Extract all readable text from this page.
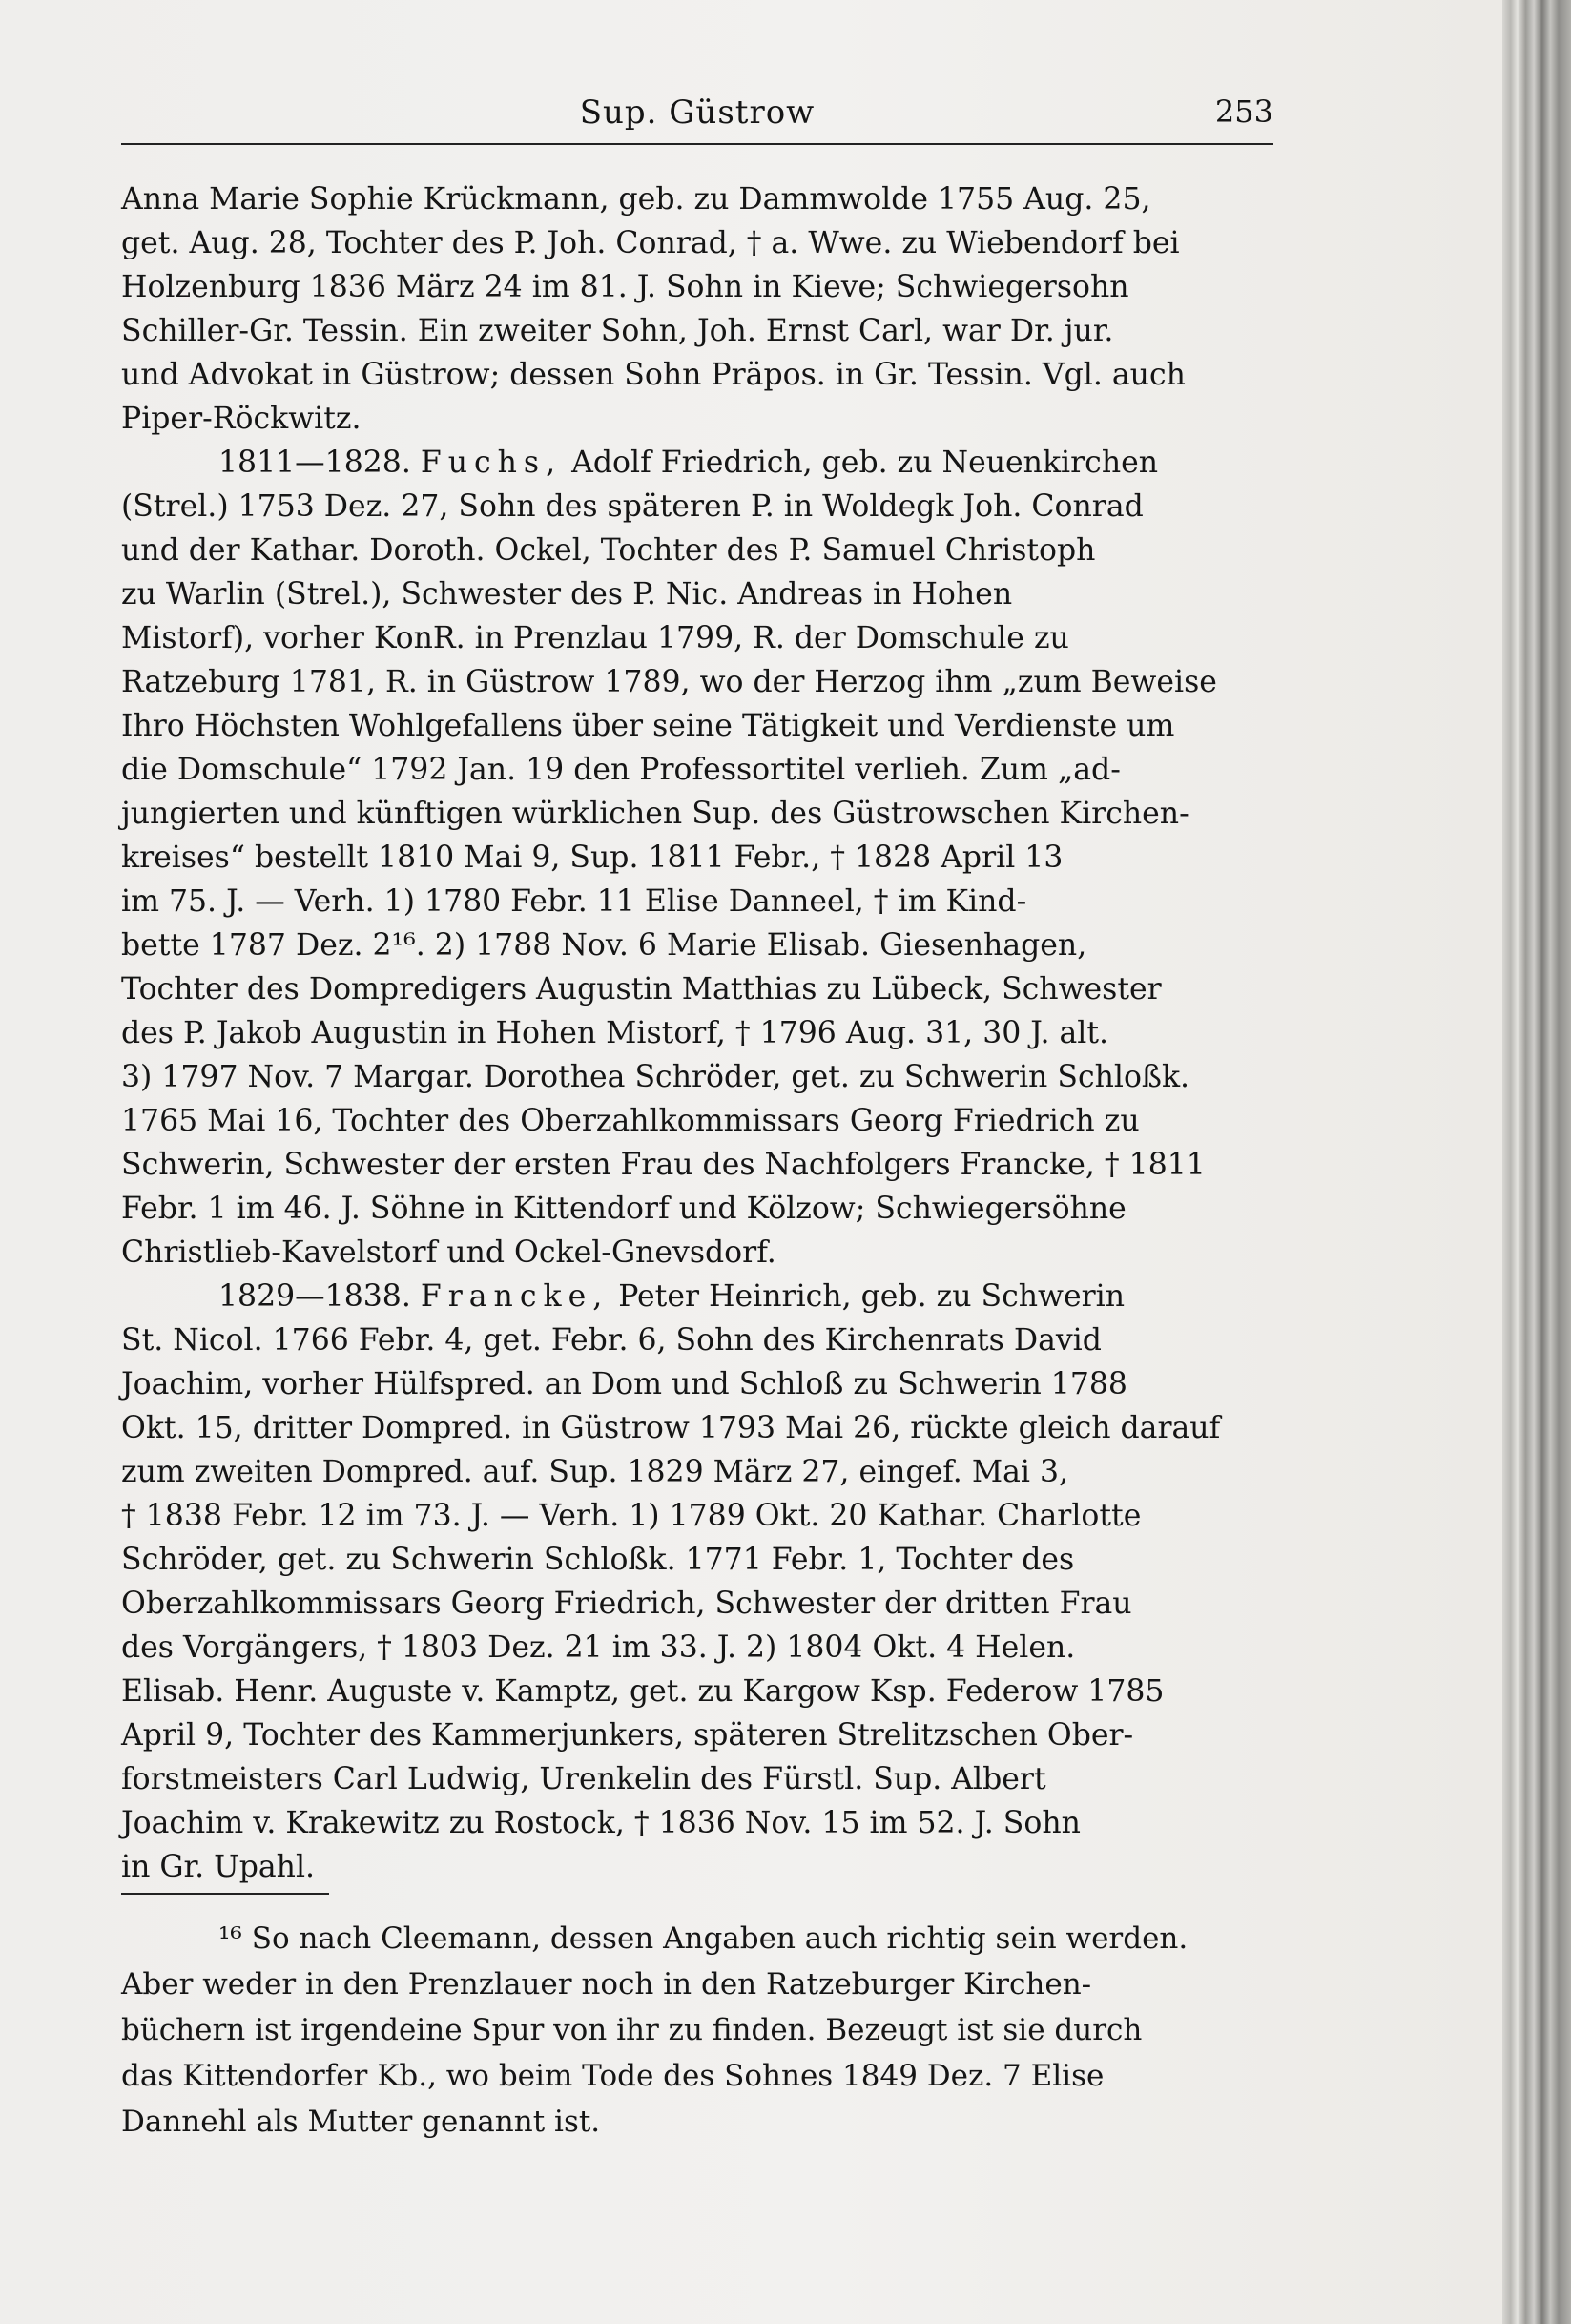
Sup. Güstrow	253
Anna Marie Sophie Krückmann, geb. zu Dammwolde 1755 Aug. 25,
get. Aug. 28, Tochter des P. Joh. Conrad, † a. Wwe. zu Wiebendorf bei
Holzenburg 1836 März 24 im 81. J. Sohn in Kieve; Schwiegersohn
Schiller-Gr. Tessin. Ein zweiter Sohn, Joh. Ernst Carl, war Dr. jur.
und Advokat in Güstrow; dessen Sohn Präpos. in Gr. Tessin. Vgl. auch
Piper-Röckwitz.
1811—1828. Fuchs, Adolf Friedrich, geb. zu Neuenkirchen
(Strel.) 1753 Dez. 27, Sohn des späteren P. in Woldegk Joh. Conrad
und der Kathar. Doroth. Ockel, Tochter des P. Samuel Christoph
zu Warlin (Strel.), Schwester des P. Nic. Andreas in Hohen
Mistorf), vorher KonR. in Prenzlau 1799, R. der Domschule zu
Ratzeburg 1781, R. in Güstrow 1789, wo der Herzog ihm „zum Beweise
Ihro Höchsten Wohlgefallens über seine Tätigkeit und Verdienste um
die Domschule“ 1792 Jan. 19 den Professortitel verlieh. Zum „ad-
jungierten und künftigen würklichen Sup. des Güstrowschen Kirchen-
kreises“ bestellt 1810 Mai 9, Sup. 1811 Febr., † 1828 April 13
im 75. J. — Verh. 1) 1780 Febr. 11 Elise Danneel, † im Kind-
bette 1787 Dez. 2¹⁶. 2) 1788 Nov. 6 Marie Elisab. Giesenhagen,
Tochter des Dompredigers Augustin Matthias zu Lübeck, Schwester
des P. Jakob Augustin in Hohen Mistorf, † 1796 Aug. 31, 30 J. alt.
3) 1797 Nov. 7 Margar. Dorothea Schröder, get. zu Schwerin Schloßk.
1765 Mai 16, Tochter des Oberzahlkommissars Georg Friedrich zu
Schwerin, Schwester der ersten Frau des Nachfolgers Francke, † 1811
Febr. 1 im 46. J. Söhne in Kittendorf und Kölzow; Schwiegersöhne
Christlieb-Kavelstorf und Ockel-Gnevsdorf.
1829—1838. Francke, Peter Heinrich, geb. zu Schwerin
St. Nicol. 1766 Febr. 4, get. Febr. 6, Sohn des Kirchenrats David
Joachim, vorher Hülfspred. an Dom und Schloß zu Schwerin 1788
Okt. 15, dritter Dompred. in Güstrow 1793 Mai 26, rückte gleich darauf
zum zweiten Dompred. auf. Sup. 1829 März 27, eingef. Mai 3,
† 1838 Febr. 12 im 73. J. — Verh. 1) 1789 Okt. 20 Kathar. Charlotte
Schröder, get. zu Schwerin Schloßk. 1771 Febr. 1, Tochter des
Oberzahlkommissars Georg Friedrich, Schwester der dritten Frau
des Vorgängers, † 1803 Dez. 21 im 33. J. 2) 1804 Okt. 4 Helen.
Elisab. Henr. Auguste v. Kamptz, get. zu Kargow Ksp. Federow 1785
April 9, Tochter des Kammerjunkers, späteren Strelitzschen Ober-
forstmeisters Carl Ludwig, Urenkelin des Fürstl. Sup. Albert
Joachim v. Krakewitz zu Rostock, † 1836 Nov. 15 im 52. J. Sohn
in Gr. Upahl.
¹⁶ So nach Cleemann, dessen Angaben auch richtig sein werden.
Aber weder in den Prenzlauer noch in den Ratzeburger Kirchen-
büchern ist irgendeine Spur von ihr zu finden. Bezeugt ist sie durch
das Kittendorfer Kb., wo beim Tode des Sohnes 1849 Dez. 7 Elise
Dannehl als Mutter genannt ist.
